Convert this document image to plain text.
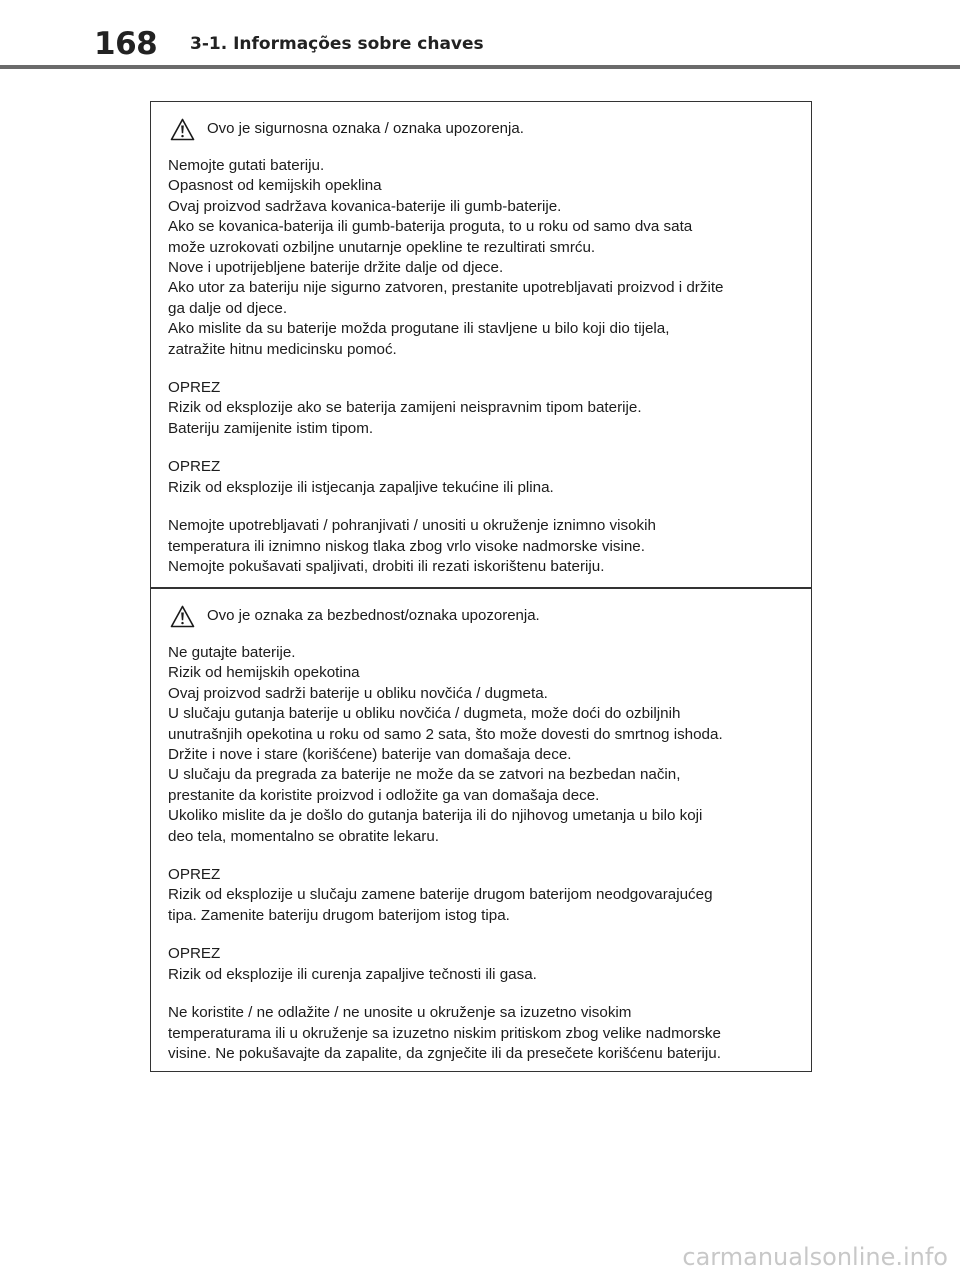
168 3-1. Informações sobre chaves
Ovo je sigurnosna oznaka / oznaka upozorenja.
Nemojte gutati bateriju.
Opasnost od kemijskih opeklina
Ovaj proizvod sadržava kovanica-baterije ili gumb-baterije.
Ako se kovanica-baterija ili gumb-baterija proguta, to u roku od samo dva sata
može uzrokovati ozbiljne unutarnje opekline te rezultirati smrću.
Nove i upotrijebljene baterije držite dalje od djece.
Ako utor za bateriju nije sigurno zatvoren, prestanite upotrebljavati proizvod i držite
ga dalje od djece.
Ako mislite da su baterije možda progutane ili stavljene u bilo koji dio tijela,
zatražite hitnu medicinsku pomoć.
OPREZ
Rizik od eksplozije ako se baterija zamijeni neispravnim tipom baterije.
Bateriju zamijenite istim tipom.
OPREZ
Rizik od eksplozije ili istjecanja zapaljive tekućine ili plina.
Nemojte upotrebljavati / pohranjivati / unositi u okruženje iznimno visokih
temperatura ili iznimno niskog tlaka zbog vrlo visoke nadmorske visine.
Nemojte pokušavati spaljivati, drobiti ili rezati iskorištenu bateriju.
Ovo je oznaka za bezbednost/oznaka upozorenja.
Ne gutajte baterije.
Rizik od hemijskih opekotina
Ovaj proizvod sadrži baterije u obliku novčića / dugmeta.
U slučaju gutanja baterije u obliku novčića / dugmeta, može doći do ozbiljnih
unutrašnjih opekotina u roku od samo 2 sata, što može dovesti do smrtnog ishoda.
Držite i nove i stare (korišćene) baterije van domašaja dece.
U slučaju da pregrada za baterije ne može da se zatvori na bezbedan način,
prestanite da koristite proizvod i odložite ga van domašaja dece.
Ukoliko mislite da je došlo do gutanja baterija ili do njihovog umetanja u bilo koji
deo tela, momentalno se obratite lekaru.
OPREZ
Rizik od eksplozije u slučaju zamene baterije drugom baterijom neodgovarajućeg
tipa. Zamenite bateriju drugom baterijom istog tipa.
OPREZ
Rizik od eksplozije ili curenja zapaljive tečnosti ili gasa.
Ne koristite / ne odlažite / ne unosite u okruženje sa izuzetno visokim
temperaturama ili u okruženje sa izuzetno niskim pritiskom zbog velike nadmorske
visine. Ne pokušavajte da zapalite, da zgnječite ili da presečete korišćenu bateriju.
carmanualsonline.info
